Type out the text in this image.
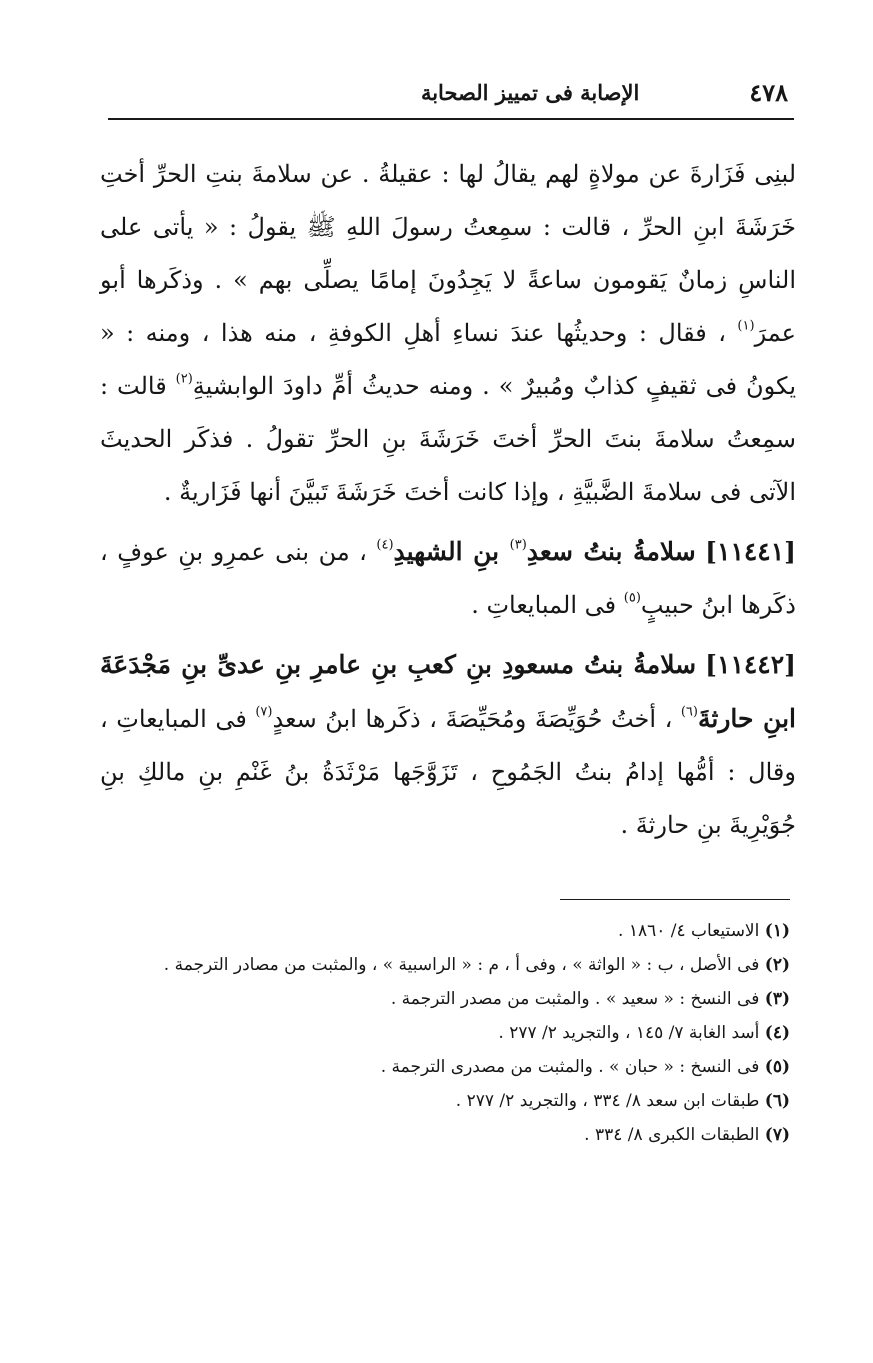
٤٧٨
الإصابة فى تمييز الصحابة

لبنِى فَزَارةَ عن مولاةٍ لهم يقالُ لها : عقيلةُ . عن سلامةَ بنتِ الحرِّ أختِ خَرَشَةَ ابنِ الحرِّ ، قالت : سمِعتُ رسولَ اللهِ ﷺ يقولُ : « يأتى على الناسِ زمانٌ يَقومون ساعةً لا يَجِدُونَ إمامًا يصلِّى بهم » . وذكَرها أبو عمرَ$^{(١)}$ ، فقال : وحديثُها عندَ نساءِ أهلِ الكوفةِ ، منه هذا ، ومنه : « يكونُ فى ثقيفٍ كذابٌ ومُبيرٌ » . ومنه حديثُ أمِّ داودَ الوابشيةِ$^{(٢)}$ قالت : سمِعتُ سلامةَ بنتَ الحرِّ أختَ خَرَشَةَ بنِ الحرِّ تقولُ . فذكَر الحديثَ الآتى فى سلامةَ الضَّبيَّةِ ، وإذا كانت أختَ خَرَشَةَ تَبيَّنَ أنها فَزَاريةٌ .

[١١٤٤١] سلامةُ بنتُ سعدِ$^{(٣)}$ بنِ الشهيدِ$^{(٤)}$ ، من بنى عمرِو بنِ عوفٍ ، ذكَرها ابنُ حبيبٍ$^{(٥)}$ فى المبايعاتِ .

[١١٤٤٢] سلامةُ بنتُ مسعودِ بنِ كعبِ بنِ عامرِ بنِ عدىِّ بنِ مَجْدَعَةَ ابنِ حارثةَ$^{(٦)}$ ، أختُ حُوَيِّصَةَ ومُحَيِّصَةَ ، ذكَرها ابنُ سعدٍ$^{(٧)}$ فى المبايعاتِ ، وقال : أمُّها إدامُ بنتُ الجَمُوحِ ، تَزَوَّجَها مَرْثَدَةُ بنُ غَنْمِ بنِ مالكِ بنِ جُوَيْرِيةَ بنِ حارثةَ .

(١) الاستيعاب ٤/ ١٨٦٠ .
(٢) فى الأصل ، ب : « الواثة » ، وفى أ ، م : « الراسبية » ، والمثبت من مصادر الترجمة .
(٣) فى النسخ : « سعيد » . والمثبت من مصدر الترجمة .
(٤) أسد الغابة ٧/ ١٤٥ ، والتجريد ٢/ ٢٧٧ .
(٥) فى النسخ : « حبان » . والمثبت من مصدرى الترجمة .
(٦) طبقات ابن سعد ٨/ ٣٣٤ ، والتجريد ٢/ ٢٧٧ .
(٧) الطبقات الكبرى ٨/ ٣٣٤ .
